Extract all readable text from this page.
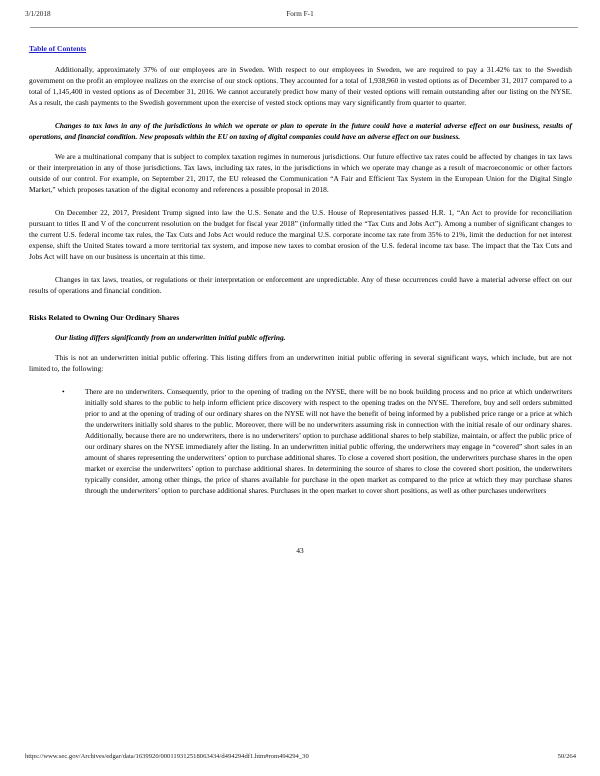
3/1/2018	Form F-1
Table of Contents

Additionally, approximately 37% of our employees are in Sweden. With respect to our employees in Sweden, we are required to pay a 31.42% tax to the Swedish government on the profit an employee realizes on the exercise of our stock options. They accounted for a total of 1,938,960 in vested options as of December 31, 2017 compared to a total of 1,145,400 in vested options as of December 31, 2016. We cannot accurately predict how many of their vested options will remain outstanding after our listing on the NYSE. As a result, the cash payments to the Swedish government upon the exercise of vested stock options may vary significantly from quarter to quarter.

Changes to tax laws in any of the jurisdictions in which we operate or plan to operate in the future could have a material adverse effect on our business, results of operations, and financial condition. New proposals within the EU on taxing of digital companies could have an adverse effect on our business.

We are a multinational company that is subject to complex taxation regimes in numerous jurisdictions. Our future effective tax rates could be affected by changes in tax laws or their interpretation in any of those jurisdictions. Tax laws, including tax rates, in the jurisdictions in which we operate may change as a result of macroeconomic or other factors outside of our control. For example, on September 21, 2017, the EU released the Communication “A Fair and Efficient Tax System in the European Union for the Digital Single Market,” which proposes taxation of the digital economy and references a possible proposal in 2018.

On December 22, 2017, President Trump signed into law the U.S. Senate and the U.S. House of Representatives passed H.R. 1, “An Act to provide for reconciliation pursuant to titles II and V of the concurrent resolution on the budget for fiscal year 2018” (informally titled the “Tax Cuts and Jobs Act”). Among a number of significant changes to the current U.S. federal income tax rules, the Tax Cuts and Jobs Act would reduce the marginal U.S. corporate income tax rate from 35% to 21%, limit the deduction for net interest expense, shift the United States toward a more territorial tax system, and impose new taxes to combat erosion of the U.S. federal income tax base. The impact that the Tax Cuts and Jobs Act will have on our business is uncertain at this time.

Changes in tax laws, treaties, or regulations or their interpretation or enforcement are unpredictable. Any of these occurrences could have a material adverse effect on our results of operations and financial condition.

Risks Related to Owning Our Ordinary Shares

Our listing differs significantly from an underwritten initial public offering.

This is not an underwritten initial public offering. This listing differs from an underwritten initial public offering in several significant ways, which include, but are not limited to, the following:

•	There are no underwriters. Consequently, prior to the opening of trading on the NYSE, there will be no book building process and no price at which underwriters initially sold shares to the public to help inform efficient price discovery with respect to the opening trades on the NYSE. Therefore, buy and sell orders submitted prior to and at the opening of trading of our ordinary shares on the NYSE will not have the benefit of being informed by a published price range or a price at which the underwriters initially sold shares to the public. Moreover, there will be no underwriters assuming risk in connection with the initial resale of our ordinary shares. Additionally, because there are no underwriters, there is no underwriters’ option to purchase additional shares to help stabilize, maintain, or affect the public price of our ordinary shares on the NYSE immediately after the listing. In an underwritten initial public offering, the underwriters may engage in “covered” short sales in an amount of shares representing the underwriters’ option to purchase additional shares. To close a covered short position, the underwriters purchase shares in the open market or exercise the underwriters’ option to purchase additional shares. In determining the source of shares to close the covered short position, the underwriters typically consider, among other things, the price of shares available for purchase in the open market as compared to the price at which they may purchase shares through the underwriters’ option to purchase additional shares. Purchases in the open market to cover short positions, as well as other purchases underwriters
43
https://www.sec.gov/Archives/edgar/data/1639920/000119312518063434/d494294df1.htm#rom494294_30	50/264
